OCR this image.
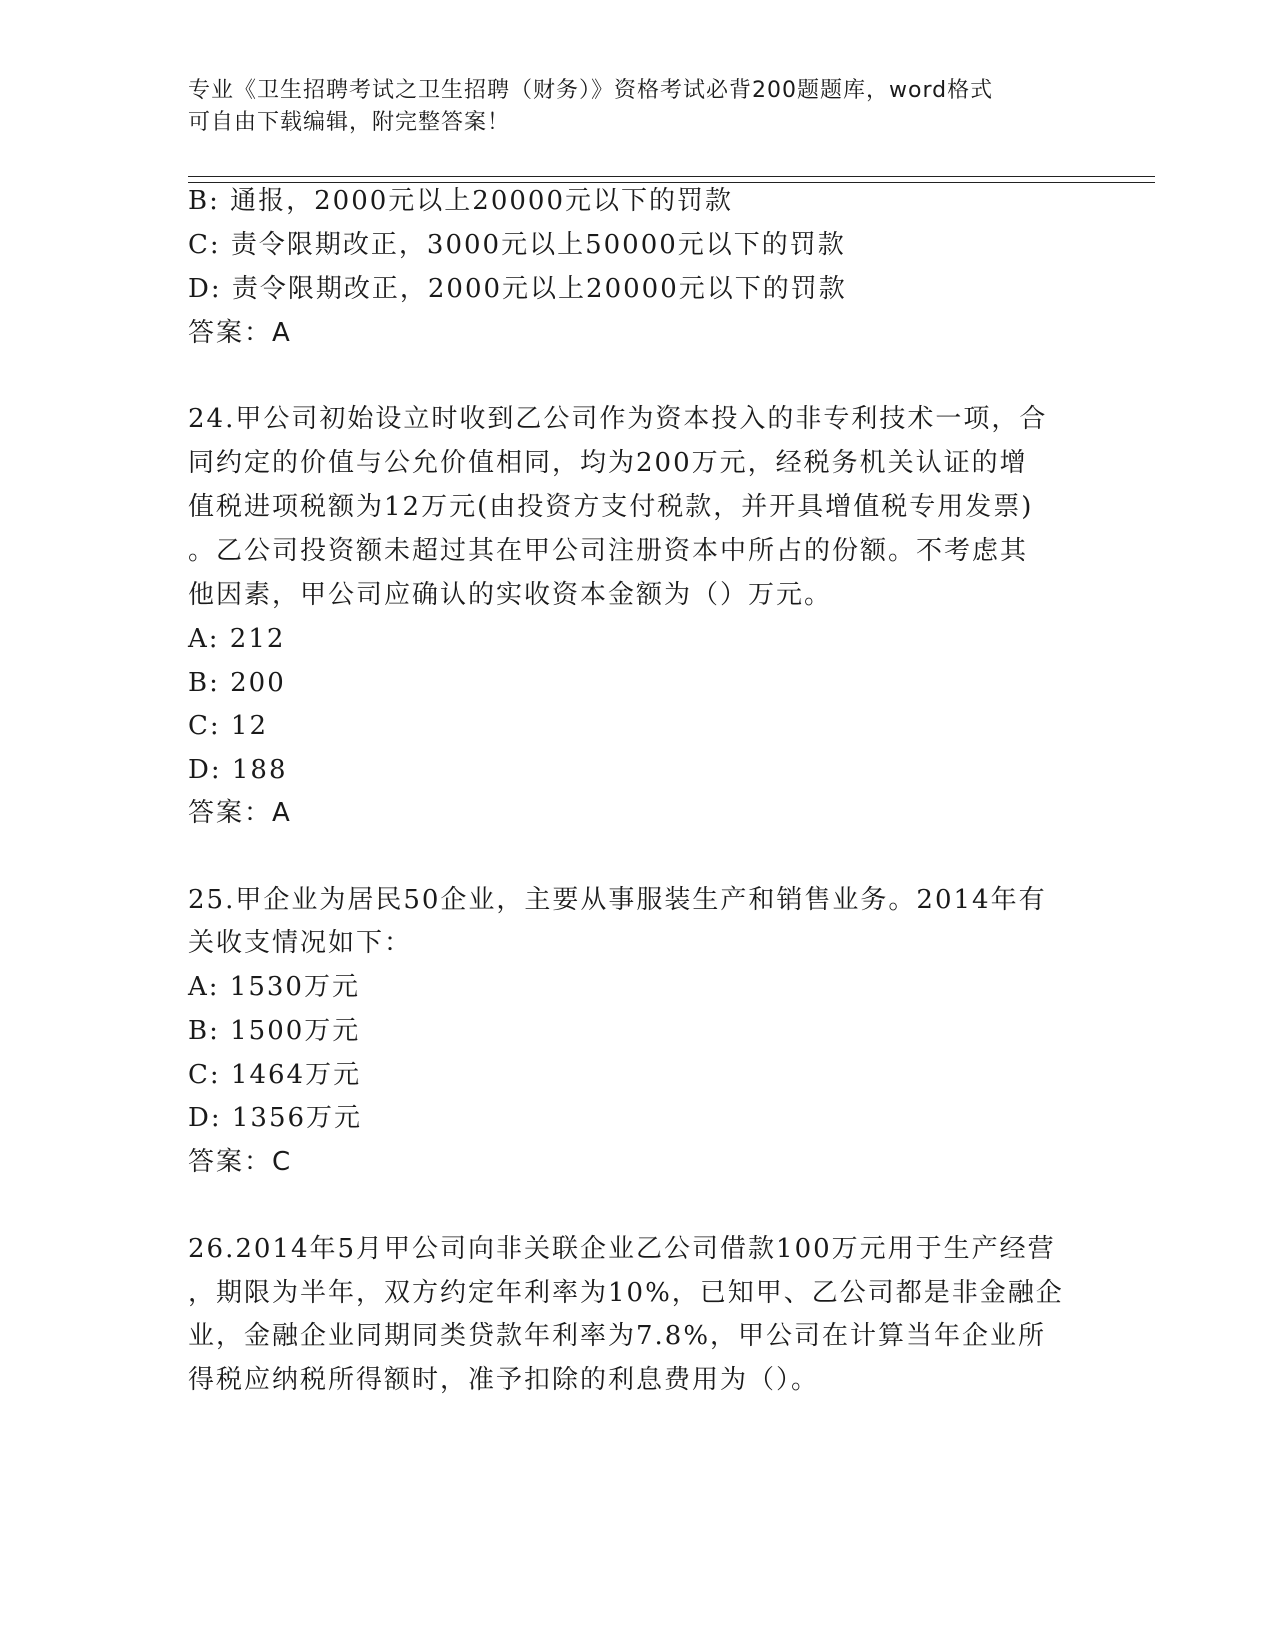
专业《卫生招聘考试之卫生招聘（财务）》资格考试必背200题题库，word格式
可自由下载编辑，附完整答案！
B: 通报，2000元以上20000元以下的罚款
C: 责令限期改正，3000元以上50000元以下的罚款
D: 责令限期改正，2000元以上20000元以下的罚款
答案：A
24.甲公司初始设立时收到乙公司作为资本投入的非专利技术一项，合
同约定的价值与公允价值相同，均为200万元，经税务机关认证的增
值税进项税额为12万元(由投资方支付税款，并开具增值税专用发票)
。乙公司投资额未超过其在甲公司注册资本中所占的份额。不考虑其
他因素，甲公司应确认的实收资本金额为（）万元。
A: 212
B: 200
C: 12
D: 188
答案：A
25.甲企业为居民50企业，主要从事服装生产和销售业务。2014年有
关收支情况如下：
A: 1530万元
B: 1500万元
C: 1464万元
D: 1356万元
答案：C
26.2014年5月甲公司向非关联企业乙公司借款100万元用于生产经营
，期限为半年，双方约定年利率为10%，已知甲、乙公司都是非金融企
业，金融企业同期同类贷款年利率为7.8%，甲公司在计算当年企业所
得税应纳税所得额时，准予扣除的利息费用为（）。
